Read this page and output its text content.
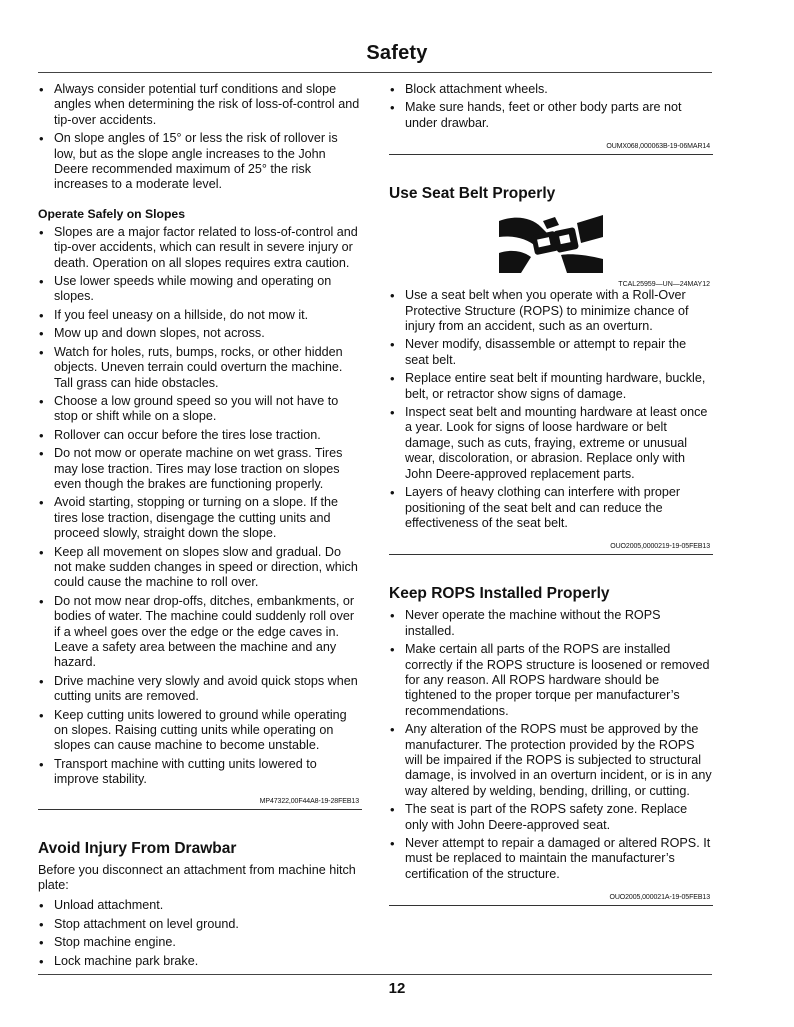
Safety
• Always consider potential turf conditions and slope angles when determining the risk of loss-of-control and tip-over accidents.
• On slope angles of 15° or less the risk of rollover is low, but as the slope angle increases to the John Deere recommended maximum of 25° the risk increases to a moderate level.
Operate Safely on Slopes
• Slopes are a major factor related to loss-of-control and tip-over accidents, which can result in severe injury or death. Operation on all slopes requires extra caution.
• Use lower speeds while mowing and operating on slopes.
• If you feel uneasy on a hillside, do not mow it.
• Mow up and down slopes, not across.
• Watch for holes, ruts, bumps, rocks, or other hidden objects. Uneven terrain could overturn the machine. Tall grass can hide obstacles.
• Choose a low ground speed so you will not have to stop or shift while on a slope.
• Rollover can occur before the tires lose traction.
• Do not mow or operate machine on wet grass. Tires may lose traction. Tires may lose traction on slopes even though the brakes are functioning properly.
• Avoid starting, stopping or turning on a slope. If the tires lose traction, disengage the cutting units and proceed slowly, straight down the slope.
• Keep all movement on slopes slow and gradual. Do not make sudden changes in speed or direction, which could cause the machine to roll over.
• Do not mow near drop-offs, ditches, embankments, or bodies of water. The machine could suddenly roll over if a wheel goes over the edge or the edge caves in. Leave a safety area between the machine and any hazard.
• Drive machine very slowly and avoid quick stops when cutting units are removed.
• Keep cutting units lowered to ground while operating on slopes. Raising cutting units while operating on slopes can cause machine to become unstable.
• Transport machine with cutting units lowered to improve stability.
MP47322,00F44A8-19-28FEB13
Avoid Injury From Drawbar

Before you disconnect an attachment from machine hitch plate:

• Unload attachment.
• Stop attachment on level ground.
• Stop machine engine.
• Lock machine park brake.
• Block attachment wheels.
• Make sure hands, feet or other body parts are not under drawbar.
OUMX068,000063B-19-06MAR14
Use Seat Belt Properly
TCAL25959—UN—24MAY12
• Use a seat belt when you operate with a Roll-Over Protective Structure (ROPS) to minimize chance of injury from an accident, such as an overturn.
• Never modify, disassemble or attempt to repair the seat belt.
• Replace entire seat belt if mounting hardware, buckle, belt, or retractor show signs of damage.
• Inspect seat belt and mounting hardware at least once a year. Look for signs of loose hardware or belt damage, such as cuts, fraying, extreme or unusual wear, discoloration, or abrasion. Replace only with John Deere-approved replacement parts.
• Layers of heavy clothing can interfere with proper positioning of the seat belt and can reduce the effectiveness of the seat belt.
OUO2005,0000219-19-05FEB13
Keep ROPS Installed Properly
• Never operate the machine without the ROPS installed.
• Make certain all parts of the ROPS are installed correctly if the ROPS structure is loosened or removed for any reason. All ROPS hardware should be tightened to the proper torque per manufacturer’s recommendations.
• Any alteration of the ROPS must be approved by the manufacturer. The protection provided by the ROPS will be impaired if the ROPS is subjected to structural damage, is involved in an overturn incident, or is in any way altered by welding, bending, drilling, or cutting.
• The seat is part of the ROPS safety zone. Replace only with John Deere-approved seat.
• Never attempt to repair a damaged or altered ROPS. It must be replaced to maintain the manufacturer’s certification of the structure.
OUO2005,000021A-19-05FEB13
12
